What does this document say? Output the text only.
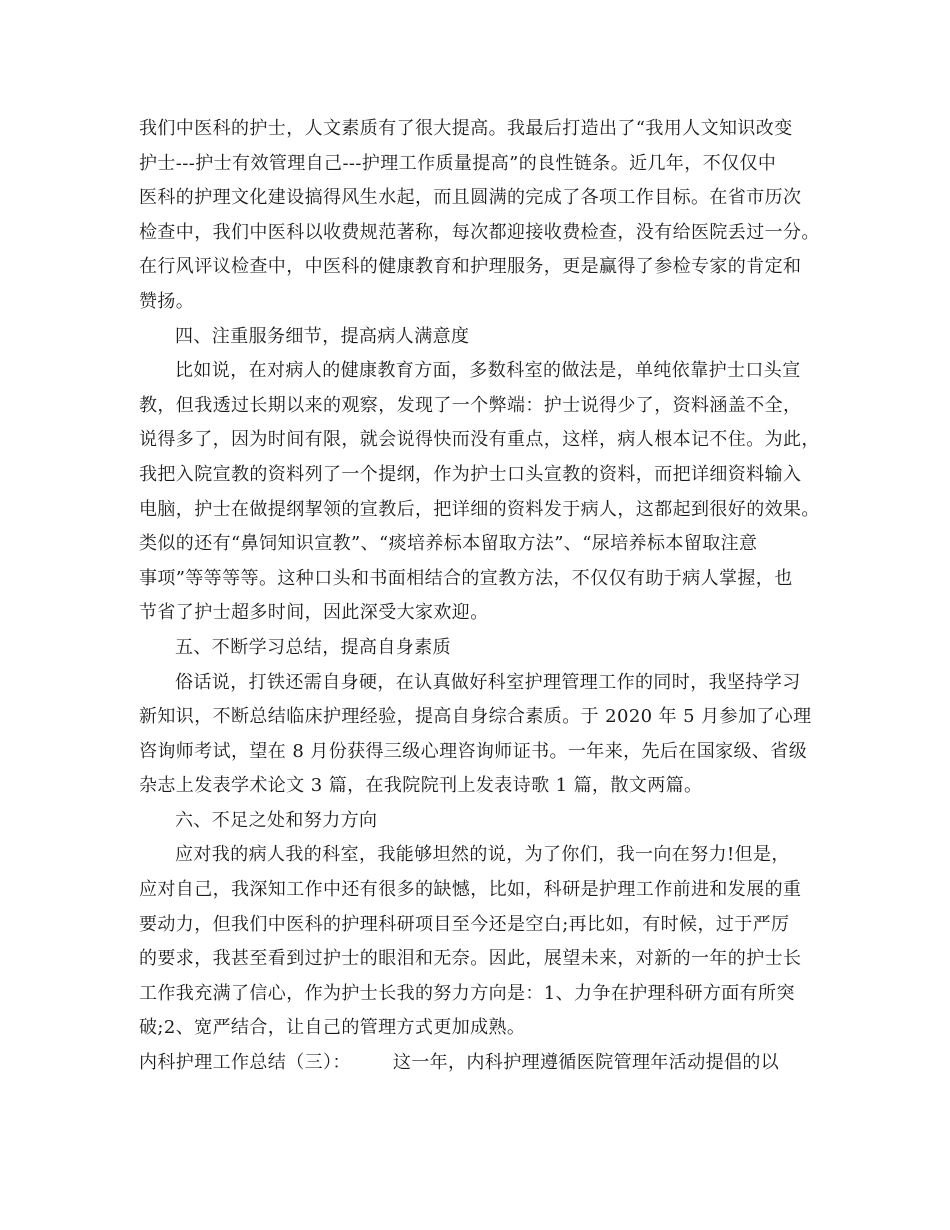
我们中医科的护士，人文素质有了很大提高。我最后打造出了“我用人文知识改变
护士---护士有效管理自己---护理工作质量提高”的良性链条。近几年，不仅仅中
医科的护理文化建设搞得风生水起，而且圆满的完成了各项工作目标。在省市历次
检查中，我们中医科以收费规范著称，每次都迎接收费检查，没有给医院丢过一分。
在行风评议检查中，中医科的健康教育和护理服务，更是赢得了参检专家的肯定和
赞扬。
四、注重服务细节，提高病人满意度
比如说，在对病人的健康教育方面，多数科室的做法是，单纯依靠护士口头宣
教，但我透过长期以来的观察，发现了一个弊端：护士说得少了，资料涵盖不全，
说得多了，因为时间有限，就会说得快而没有重点，这样，病人根本记不住。为此，
我把入院宣教的资料列了一个提纲，作为护士口头宣教的资料，而把详细资料输入
电脑，护士在做提纲挈领的宣教后，把详细的资料发于病人，这都起到很好的效果。
类似的还有“鼻饲知识宣教”、“痰培养标本留取方法”、“尿培养标本留取注意
事项”等等等等。这种口头和书面相结合的宣教方法，不仅仅有助于病人掌握，也
节省了护士超多时间，因此深受大家欢迎。
五、不断学习总结，提高自身素质
俗话说，打铁还需自身硬，在认真做好科室护理管理工作的同时，我坚持学习
新知识，不断总结临床护理经验，提高自身综合素质。于 2020 年 5 月参加了心理
咨询师考试，望在 8 月份获得三级心理咨询师证书。一年来，先后在国家级、省级
杂志上发表学术论文 3 篇，在我院院刊上发表诗歌 1 篇，散文两篇。
六、不足之处和努力方向
应对我的病人我的科室，我能够坦然的说，为了你们，我一向在努力!但是，
应对自己，我深知工作中还有很多的缺憾，比如，科研是护理工作前进和发展的重
要动力，但我们中医科的护理科研项目至今还是空白;再比如，有时候，过于严厉
的要求，我甚至看到过护士的眼泪和无奈。因此，展望未来，对新的一年的护士长
工作我充满了信心，作为护士长我的努力方向是：1、力争在护理科研方面有所突
破;2、宽严结合，让自己的管理方式更加成熟。
内科护理工作总结（三）： 这一年，内科护理遵循医院管理年活动提倡的以
